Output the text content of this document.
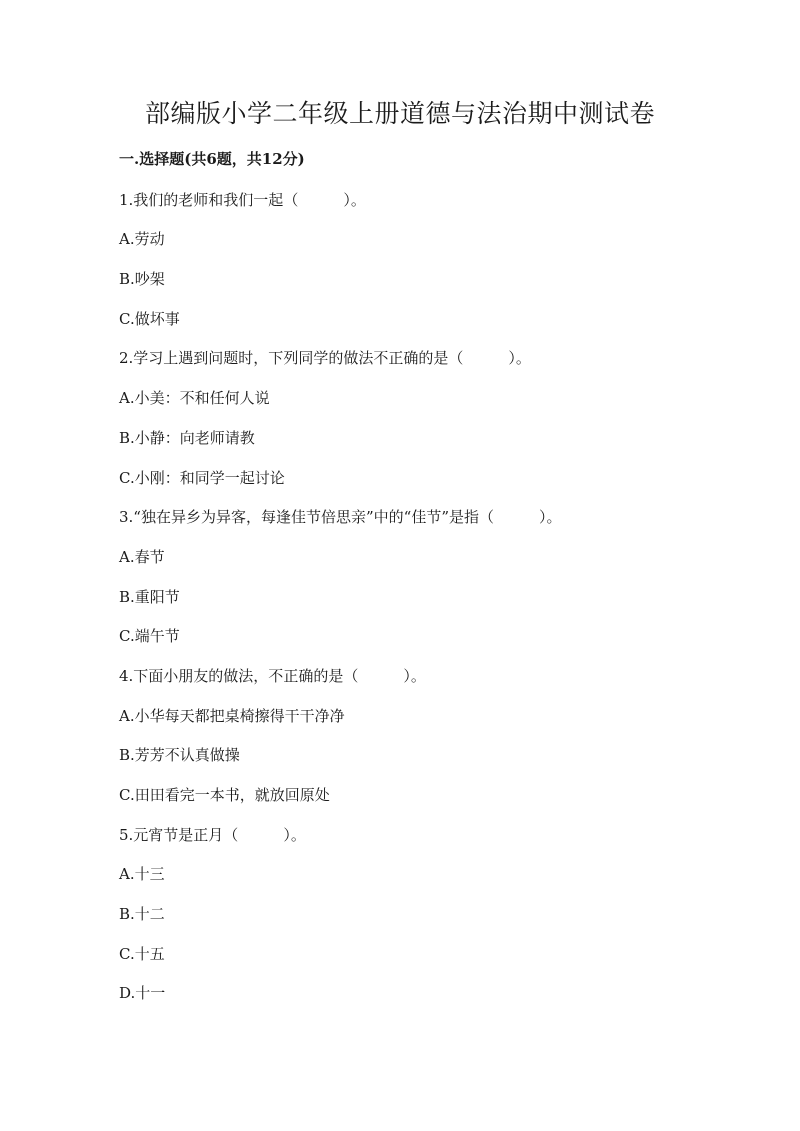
部编版小学二年级上册道德与法治期中测试卷
一.选择题(共6题，共12分)

1.我们的老师和我们一起（　　　）。

A.劳动

B.吵架

C.做坏事

2.学习上遇到问题时，下列同学的做法不正确的是（　　　）。

A.小美：不和任何人说

B.小静：向老师请教

C.小刚：和同学一起讨论

3.“独在异乡为异客，每逢佳节倍思亲”中的“佳节”是指（　　　）。

A.春节

B.重阳节

C.端午节

4.下面小朋友的做法，不正确的是（　　　）。

A.小华每天都把桌椅擦得干干净净

B.芳芳不认真做操

C.田田看完一本书，就放回原处

5.元宵节是正月（　　　）。

A.十三

B.十二

C.十五

D.十一
